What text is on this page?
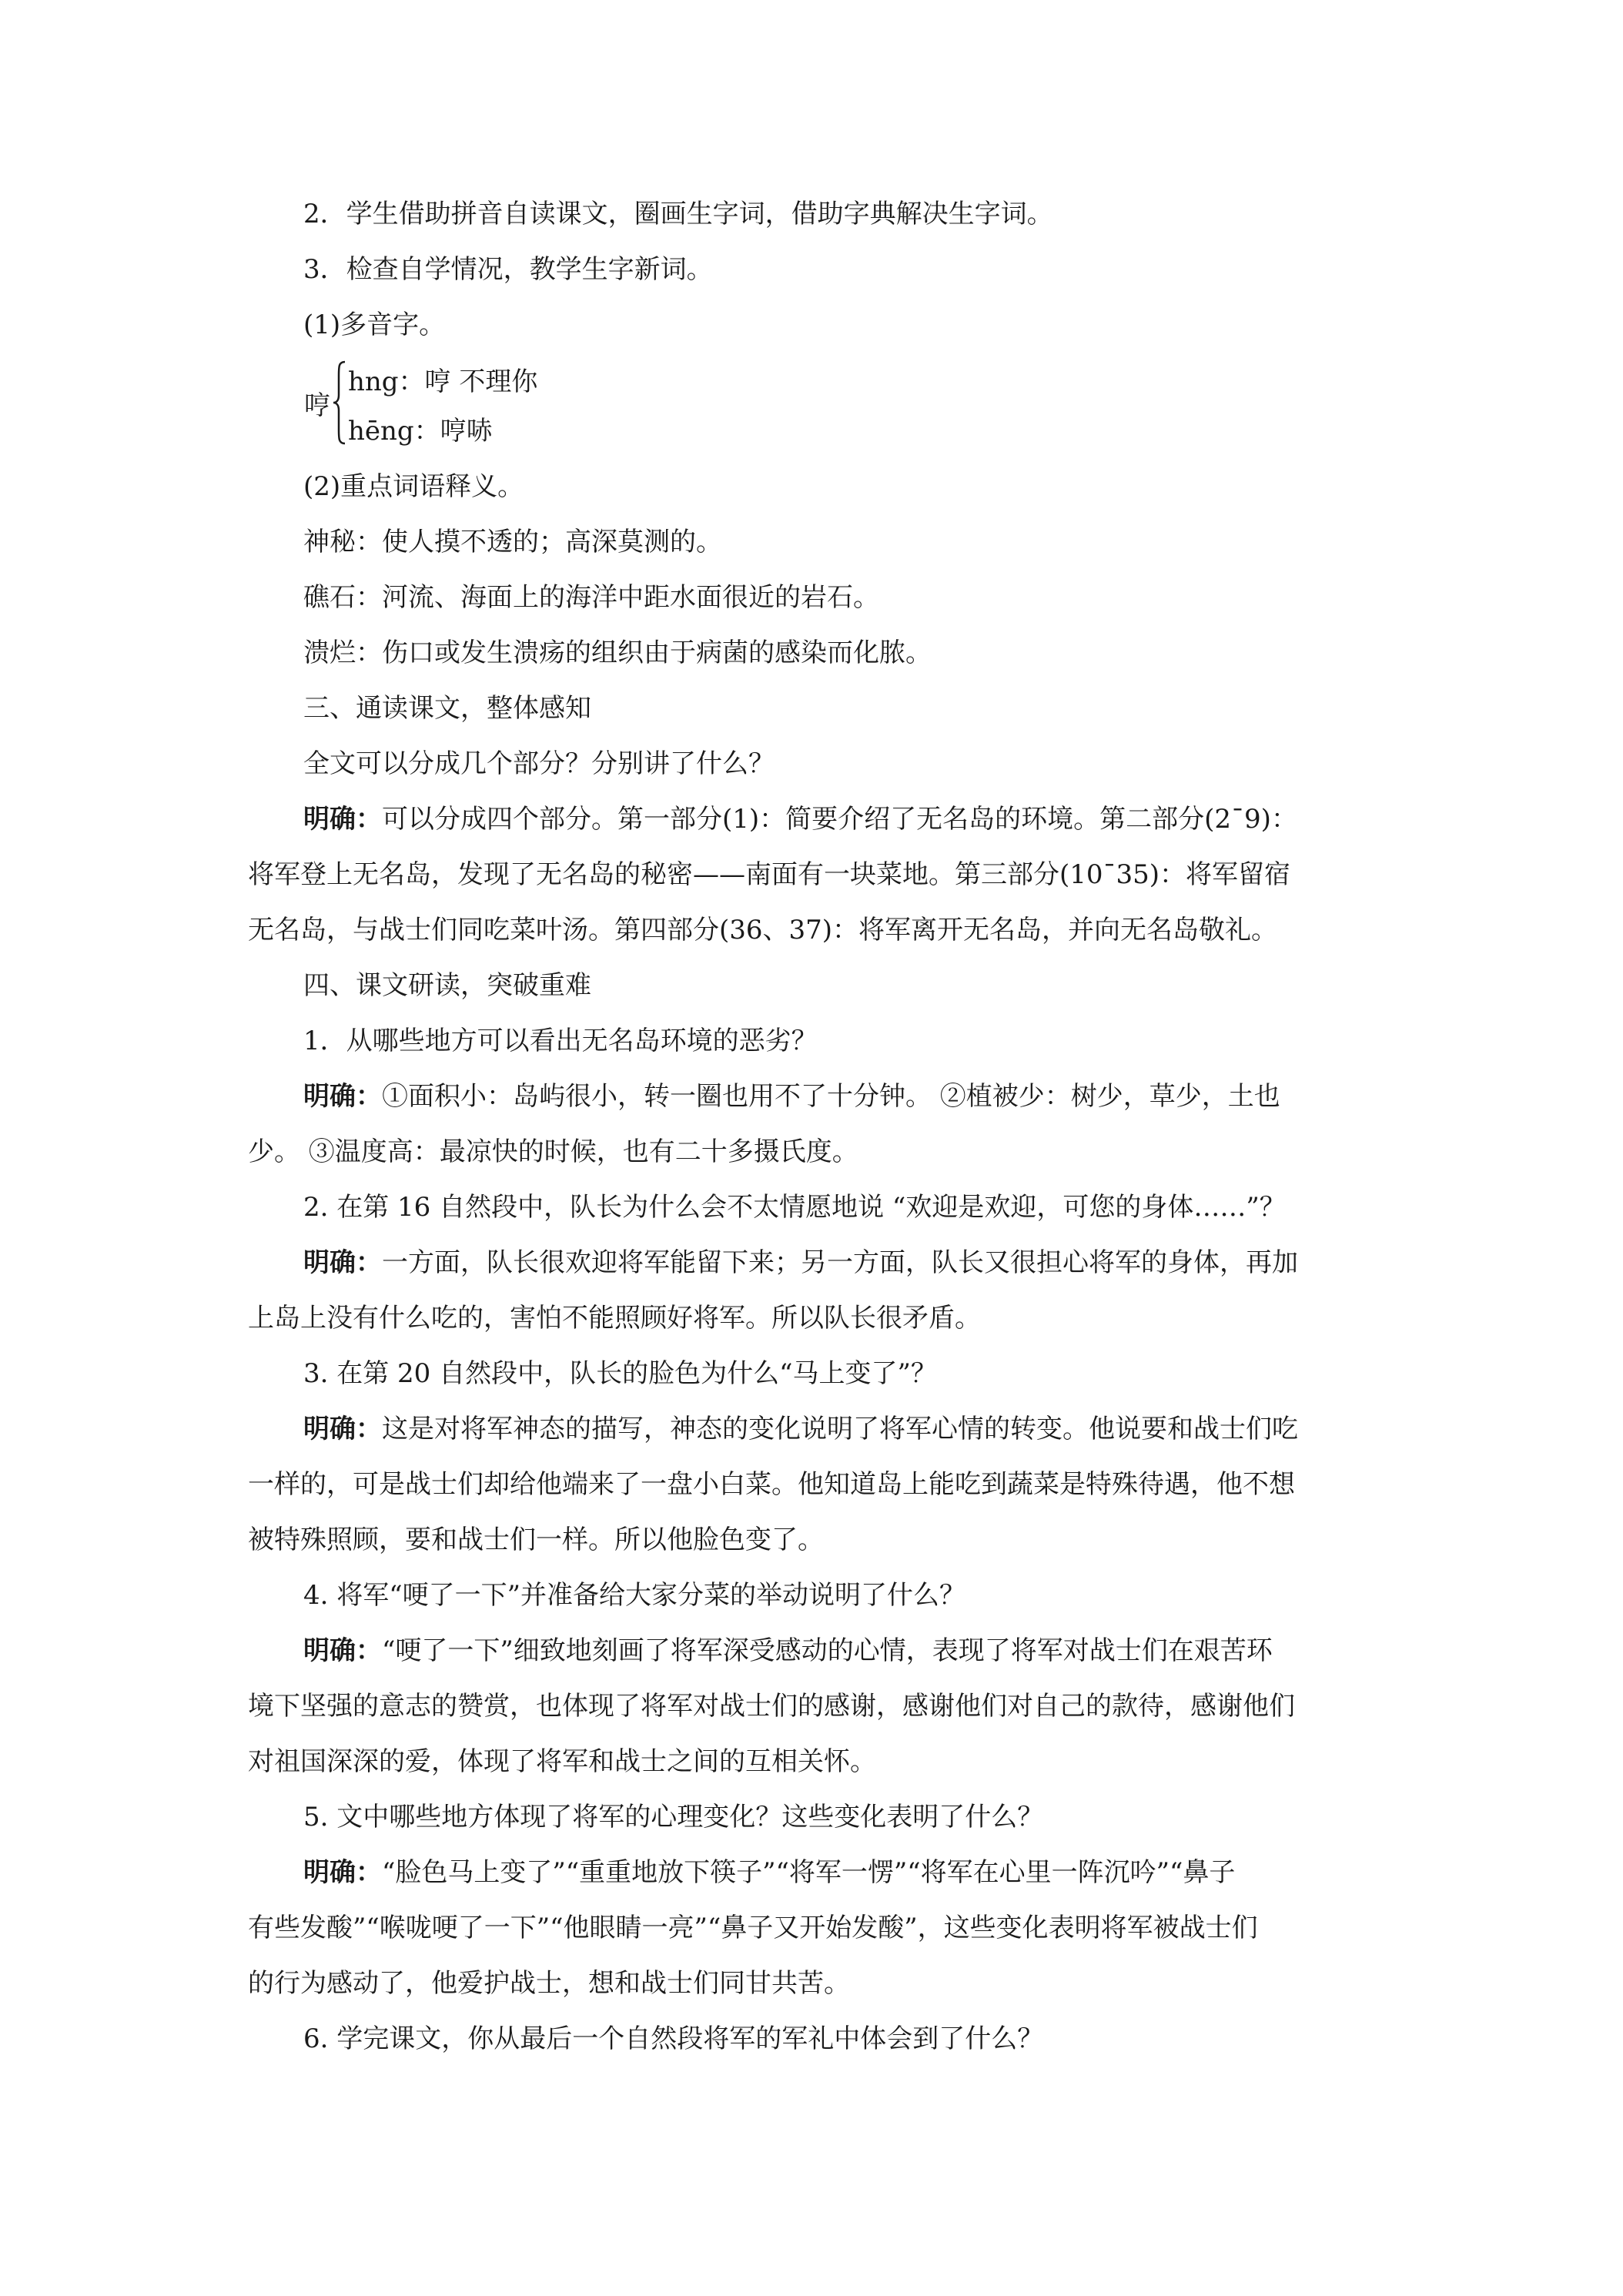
2．学生借助拼音自读课文，圈画生字词，借助字典解决生字词。
3．检查自学情况，教学生字新词。
(1)多音字。
哼
hng：哼 不理你
hēng：哼哧
(2)重点词语释义。
神秘：使人摸不透的；高深莫测的。
礁石：河流、海面上的海洋中距水面很近的岩石。
溃烂：伤口或发生溃疡的组织由于病菌的感染而化脓。
三、通读课文，整体感知
全文可以分成几个部分？分别讲了什么？
明确：可以分成四个部分。第一部分(1)：简要介绍了无名岛的环境。第二部分(2¯9)：
将军登上无名岛，发现了无名岛的秘密——南面有一块菜地。第三部分(10¯35)：将军留宿
无名岛，与战士们同吃菜叶汤。第四部分(36、37)：将军离开无名岛，并向无名岛敬礼。
四、课文研读，突破重难
1．从哪些地方可以看出无名岛环境的恶劣？
明确：①面积小：岛屿很小，转一圈也用不了十分钟。 ②植被少：树少，草少，土也
少。 ③温度高：最凉快的时候，也有二十多摄氏度。
2. 在第 16 自然段中，队长为什么会不太情愿地说 “欢迎是欢迎，可您的身体……”？
明确：一方面，队长很欢迎将军能留下来；另一方面，队长又很担心将军的身体，再加
上岛上没有什么吃的，害怕不能照顾好将军。所以队长很矛盾。
3. 在第 20 自然段中，队长的脸色为什么“马上变了”？
明确：这是对将军神态的描写，神态的变化说明了将军心情的转变。他说要和战士们吃
一样的，可是战士们却给他端来了一盘小白菜。他知道岛上能吃到蔬菜是特殊待遇，他不想
被特殊照顾，要和战士们一样。所以他脸色变了。
4. 将军“哽了一下”并准备给大家分菜的举动说明了什么？
明确：“哽了一下”细致地刻画了将军深受感动的心情，表现了将军对战士们在艰苦环
境下坚强的意志的赞赏，也体现了将军对战士们的感谢，感谢他们对自己的款待，感谢他们
对祖国深深的爱，体现了将军和战士之间的互相关怀。
5. 文中哪些地方体现了将军的心理变化？这些变化表明了什么？
明确：“脸色马上变了”“重重地放下筷子”“将军一愣”“将军在心里一阵沉吟”“鼻子
有些发酸”“喉咙哽了一下”“他眼睛一亮”“鼻子又开始发酸”，这些变化表明将军被战士们
的行为感动了，他爱护战士，想和战士们同甘共苦。
6. 学完课文，你从最后一个自然段将军的军礼中体会到了什么？
